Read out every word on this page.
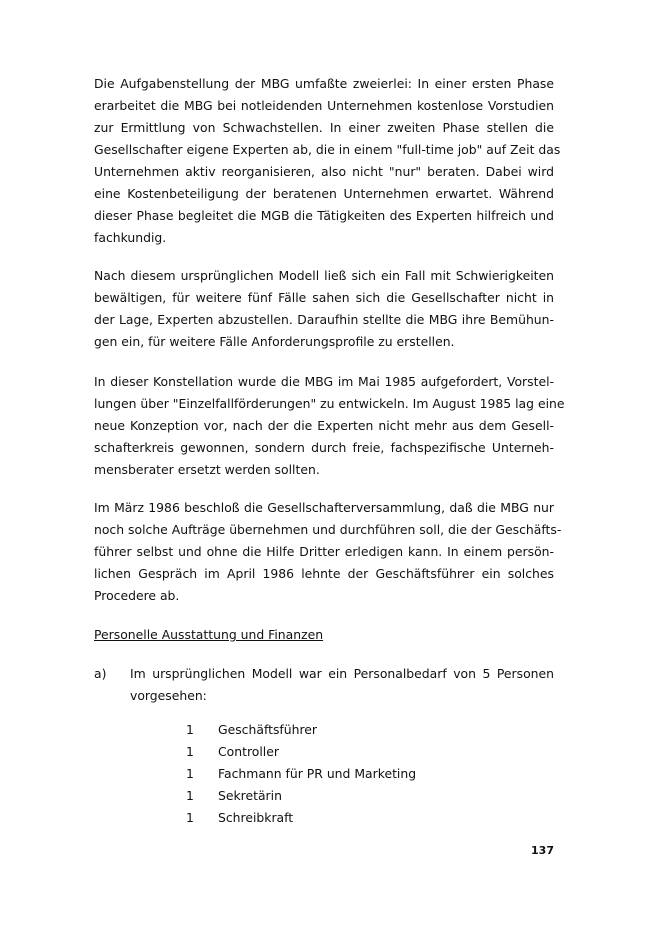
Die Aufgabenstellung der MBG umfaßte zweierlei: In einer ersten Phase
erarbeitet die MBG bei notleidenden Unternehmen kostenlose Vorstudien
zur Ermittlung von Schwachstellen. In einer zweiten Phase stellen die
Gesellschafter eigene Experten ab, die in einem "full-time job" auf Zeit das
Unternehmen aktiv reorganisieren, also nicht "nur" beraten. Dabei wird
eine Kostenbeteiligung der beratenen Unternehmen erwartet. Während
dieser Phase begleitet die MGB die Tätigkeiten des Experten hilfreich und
fachkundig.
Nach diesem ursprünglichen Modell ließ sich ein Fall mit Schwierigkeiten
bewältigen, für weitere fünf Fälle sahen sich die Gesellschafter nicht in
der Lage, Experten abzustellen. Daraufhin stellte die MBG ihre Bemühun-
gen ein, für weitere Fälle Anforderungsprofile zu erstellen.
In dieser Konstellation wurde die MBG im Mai 1985 aufgefordert, Vorstel-
lungen über "Einzelfallförderungen" zu entwickeln. Im August 1985 lag eine
neue Konzeption vor, nach der die Experten nicht mehr aus dem Gesell-
schafterkreis gewonnen, sondern durch freie, fachspezifische Unterneh-
mensberater ersetzt werden sollten.
Im März 1986 beschloß die Gesellschafterversammlung, daß die MBG nur
noch solche Aufträge übernehmen und durchführen soll, die der Geschäfts-
führer selbst und ohne die Hilfe Dritter erledigen kann. In einem persön-
lichen Gespräch im April 1986 lehnte der Geschäftsführer ein solches
Procedere ab.
Personelle Ausstattung und Finanzen
a) Im ursprünglichen Modell war ein Personalbedarf von 5 Personen
vorgesehen:
1 Geschäftsführer
1 Controller
1 Fachmann für PR und Marketing
1 Sekretärin
1 Schreibkraft
137
